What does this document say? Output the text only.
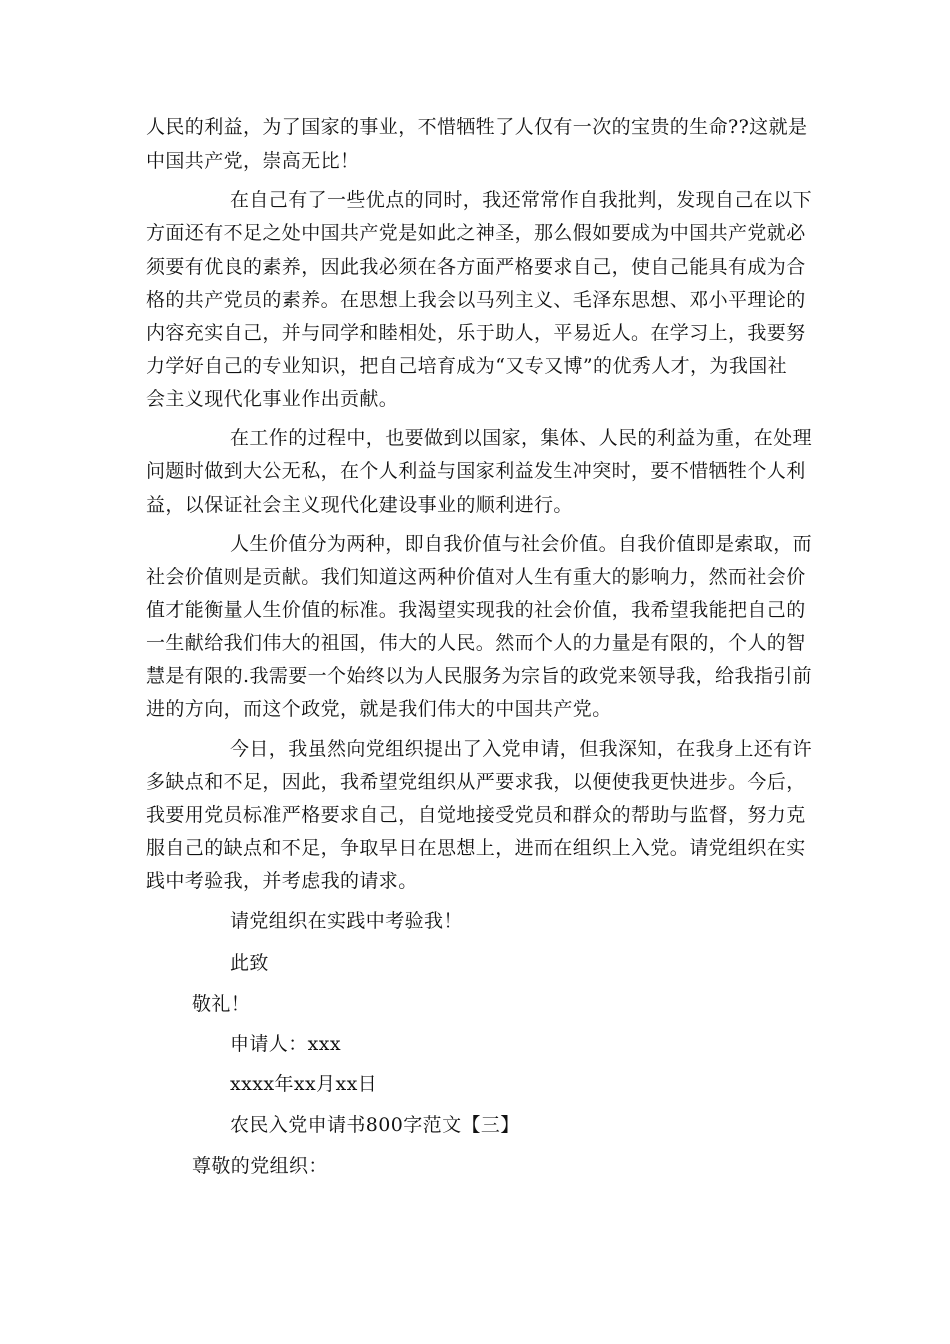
人民的利益，为了国家的事业，不惜牺牲了人仅有一次的宝贵的生命??这就是
中国共产党，崇高无比！
在自己有了一些优点的同时，我还常常作自我批判，发现自己在以下
方面还有不足之处中国共产党是如此之神圣，那么假如要成为中国共产党就必
须要有优良的素养，因此我必须在各方面严格要求自己，使自己能具有成为合
格的共产党员的素养。在思想上我会以马列主义、毛泽东思想、邓小平理论的
内容充实自己，并与同学和睦相处，乐于助人，平易近人。在学习上，我要努
力学好自己的专业知识，把自己培育成为“又专又博”的优秀人才，为我国社
会主义现代化事业作出贡献。
在工作的过程中，也要做到以国家，集体、人民的利益为重，在处理
问题时做到大公无私，在个人利益与国家利益发生冲突时，要不惜牺牲个人利
益，以保证社会主义现代化建设事业的顺利进行。
人生价值分为两种，即自我价值与社会价值。自我价值即是索取，而
社会价值则是贡献。我们知道这两种价值对人生有重大的影响力，然而社会价
值才能衡量人生价值的标准。我渴望实现我的社会价值，我希望我能把自己的
一生献给我们伟大的祖国，伟大的人民。然而个人的力量是有限的，个人的智
慧是有限的.我需要一个始终以为人民服务为宗旨的政党来领导我，给我指引前
进的方向，而这个政党，就是我们伟大的中国共产党。
今日，我虽然向党组织提出了入党申请，但我深知，在我身上还有许
多缺点和不足，因此，我希望党组织从严要求我，以便使我更快进步。今后，
我要用党员标准严格要求自己，自觉地接受党员和群众的帮助与监督，努力克
服自己的缺点和不足，争取早日在思想上，进而在组织上入党。请党组织在实
践中考验我，并考虑我的请求。
请党组织在实践中考验我！
此致
敬礼！
申请人：xxx
xxxx年xx月xx日
农民入党申请书800字范文【三】
尊敬的党组织：
